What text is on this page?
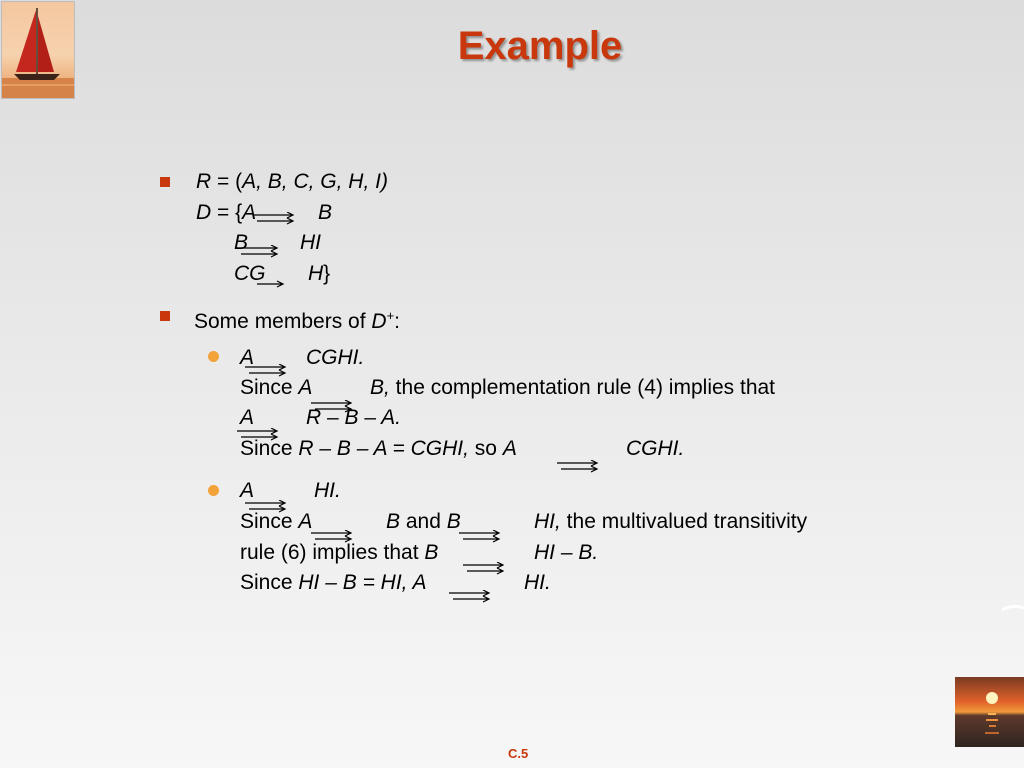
Example
R = (A, B, C, G, H, I)
D = {A	B
B HI
CG H}
Some members of D+:
A CGHI.
Since A	B, the complementation rule (4) implies that
A R – B – A.
Since R – B – A = CGHI, so A	CGHI.
A	HI.
Since A	B and B	HI, the multivalued transitivity
rule (6) implies that B	HI – B.
Since HI – B = HI, A	HI.
C.5
